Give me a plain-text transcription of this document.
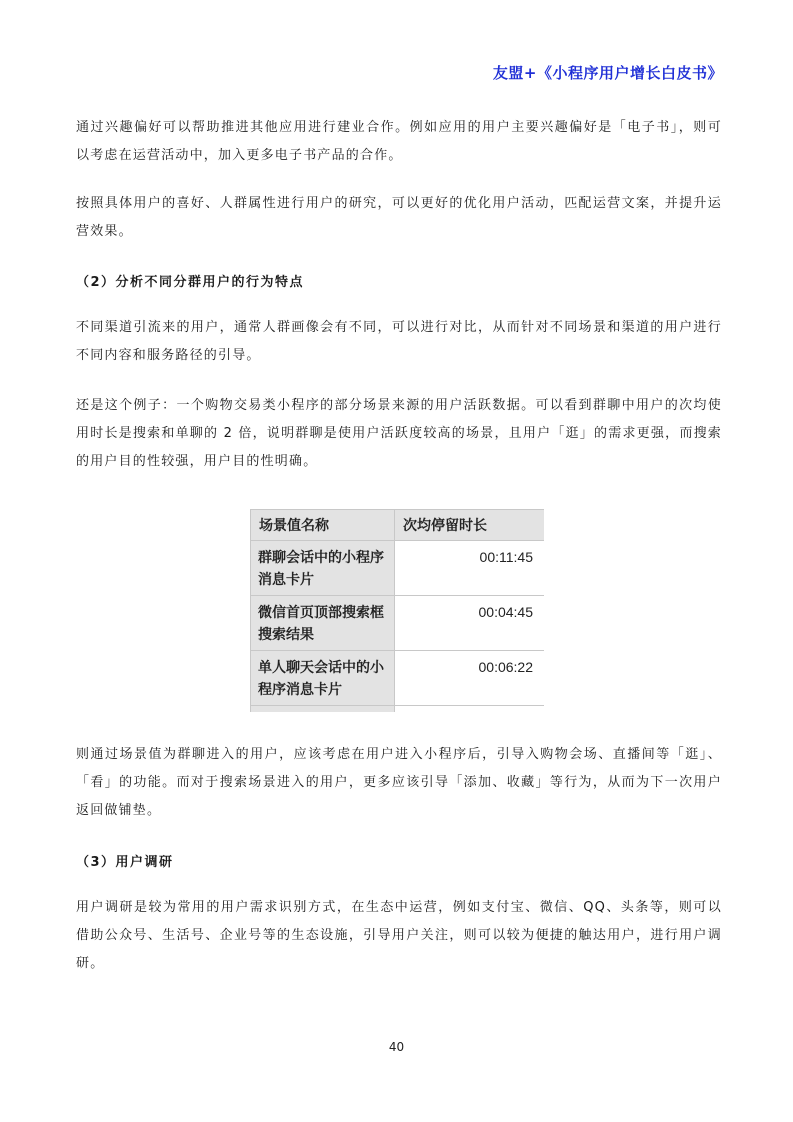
友盟+《小程序用户增长白皮书》

通过兴趣偏好可以帮助推进其他应用进行建业合作。例如应用的用户主要兴趣偏好是「电子书」，则可以考虑在运营活动中，加入更多电子书产品的合作。

按照具体用户的喜好、人群属性进行用户的研究，可以更好的优化用户活动，匹配运营文案，并提升运营效果。

（2）分析不同分群用户的行为特点

不同渠道引流来的用户，通常人群画像会有不同，可以进行对比，从而针对不同场景和渠道的用户进行不同内容和服务路径的引导。

还是这个例子：一个购物交易类小程序的部分场景来源的用户活跃数据。可以看到群聊中用户的次均使用时长是搜索和单聊的 2 倍，说明群聊是使用户活跃度较高的场景，且用户「逛」的需求更强，而搜索的用户目的性较强，用户目的性明确。

场景值名称	次均停留时长
群聊会话中的小程序消息卡片	00:11:45
微信首页顶部搜索框搜索结果	00:04:45
单人聊天会话中的小程序消息卡片	00:06:22

则通过场景值为群聊进入的用户，应该考虑在用户进入小程序后，引导入购物会场、直播间等「逛」、「看」的功能。而对于搜索场景进入的用户，更多应该引导「添加、收藏」等行为，从而为下一次用户返回做铺垫。

（3）用户调研

用户调研是较为常用的用户需求识别方式，在生态中运营，例如支付宝、微信、QQ、头条等，则可以借助公众号、生活号、企业号等的生态设施，引导用户关注，则可以较为便捷的触达用户，进行用户调研。

40
